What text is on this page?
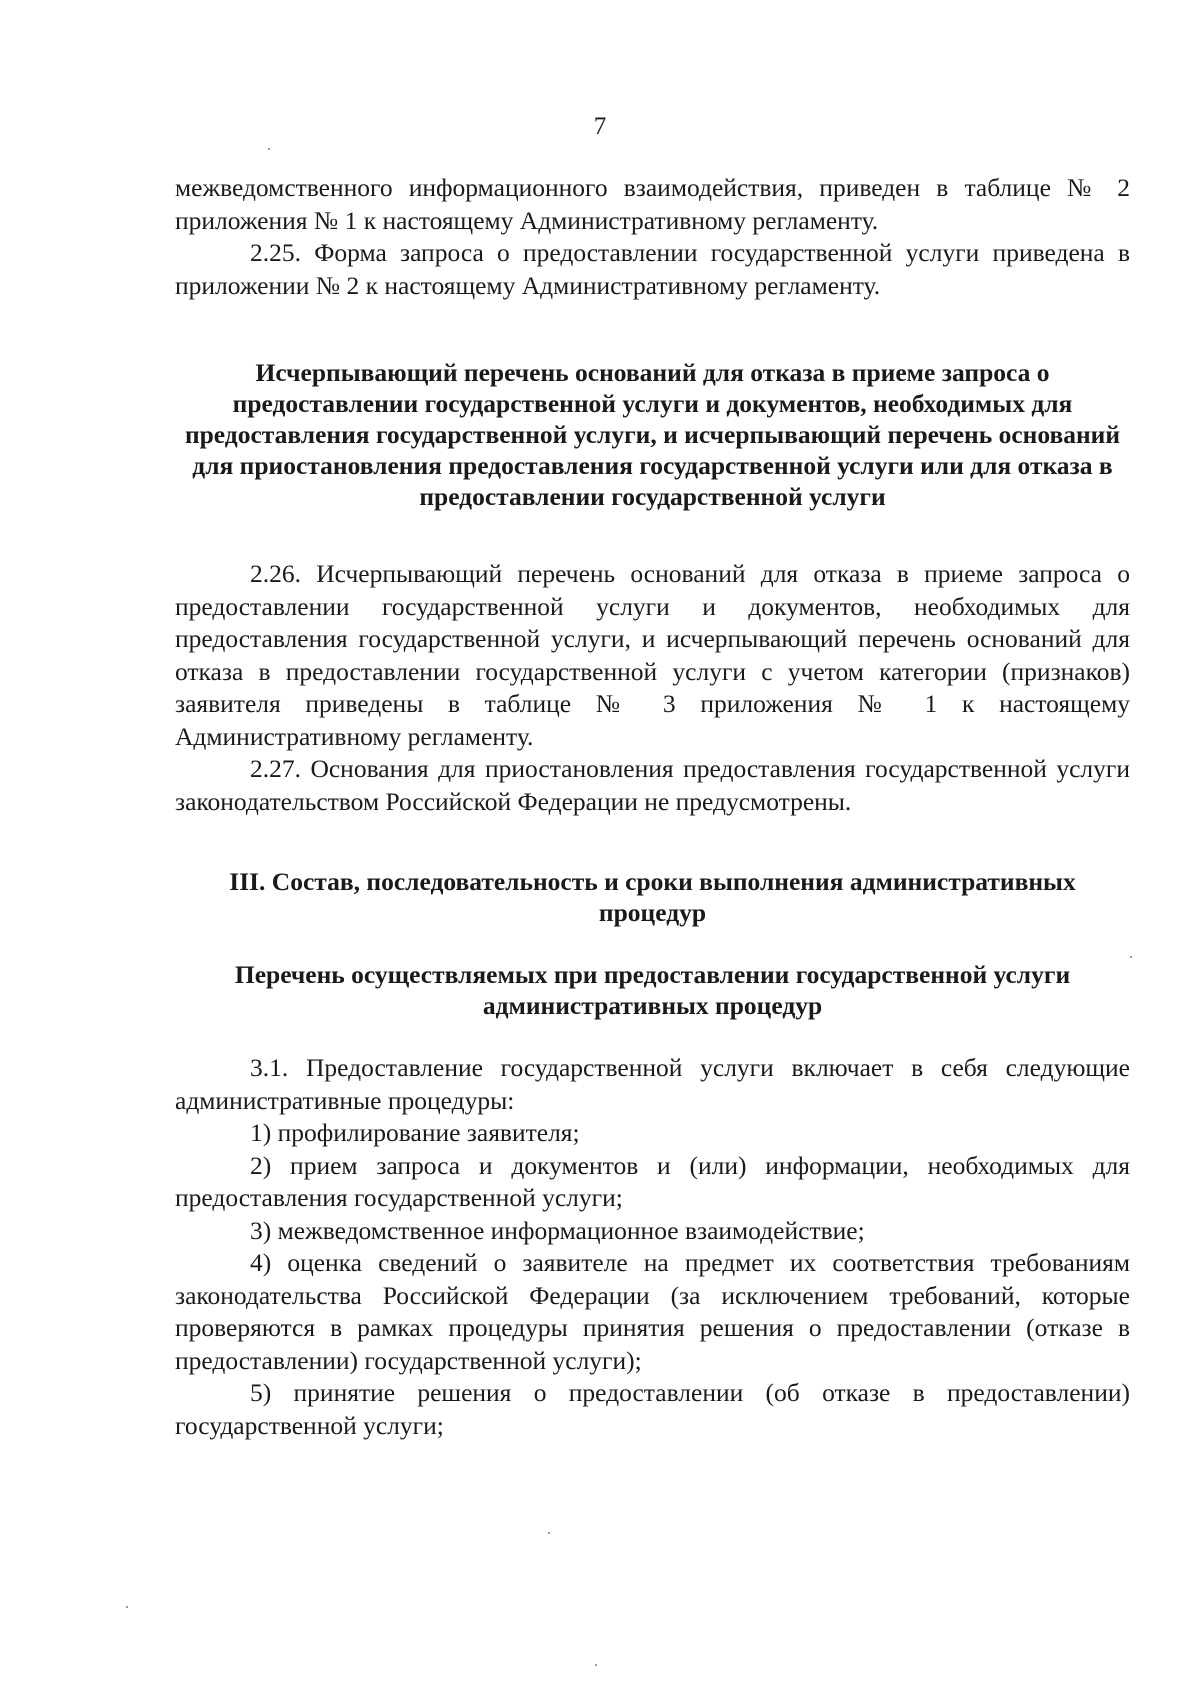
7

межведомственного информационного взаимодействия, приведен в таблице № 2 приложения № 1 к настоящему Административному регламенту.

2.25. Форма запроса о предоставлении государственной услуги приведена в приложении № 2 к настоящему Административному регламенту.

Исчерпывающий перечень оснований для отказа в приеме запроса о предоставлении государственной услуги и документов, необходимых для предоставления государственной услуги, и исчерпывающий перечень оснований для приостановления предоставления государственной услуги или для отказа в предоставлении государственной услуги

2.26. Исчерпывающий перечень оснований для отказа в приеме запроса о предоставлении государственной услуги и документов, необходимых для предоставления государственной услуги, и исчерпывающий перечень оснований для отказа в предоставлении государственной услуги с учетом категории (признаков) заявителя приведены в таблице № 3 приложения № 1 к настоящему Административному регламенту.

2.27. Основания для приостановления предоставления государственной услуги законодательством Российской Федерации не предусмотрены.

III. Состав, последовательность и сроки выполнения административных процедур

Перечень осуществляемых при предоставлении государственной услуги административных процедур

3.1. Предоставление государственной услуги включает в себя следующие административные процедуры:

1) профилирование заявителя;

2) прием запроса и документов и (или) информации, необходимых для предоставления государственной услуги;

3) межведомственное информационное взаимодействие;

4) оценка сведений о заявителе на предмет их соответствия требованиям законодательства Российской Федерации (за исключением требований, которые проверяются в рамках процедуры принятия решения о предоставлении (отказе в предоставлении) государственной услуги);

5) принятие решения о предоставлении (об отказе в предоставлении) государственной услуги;
